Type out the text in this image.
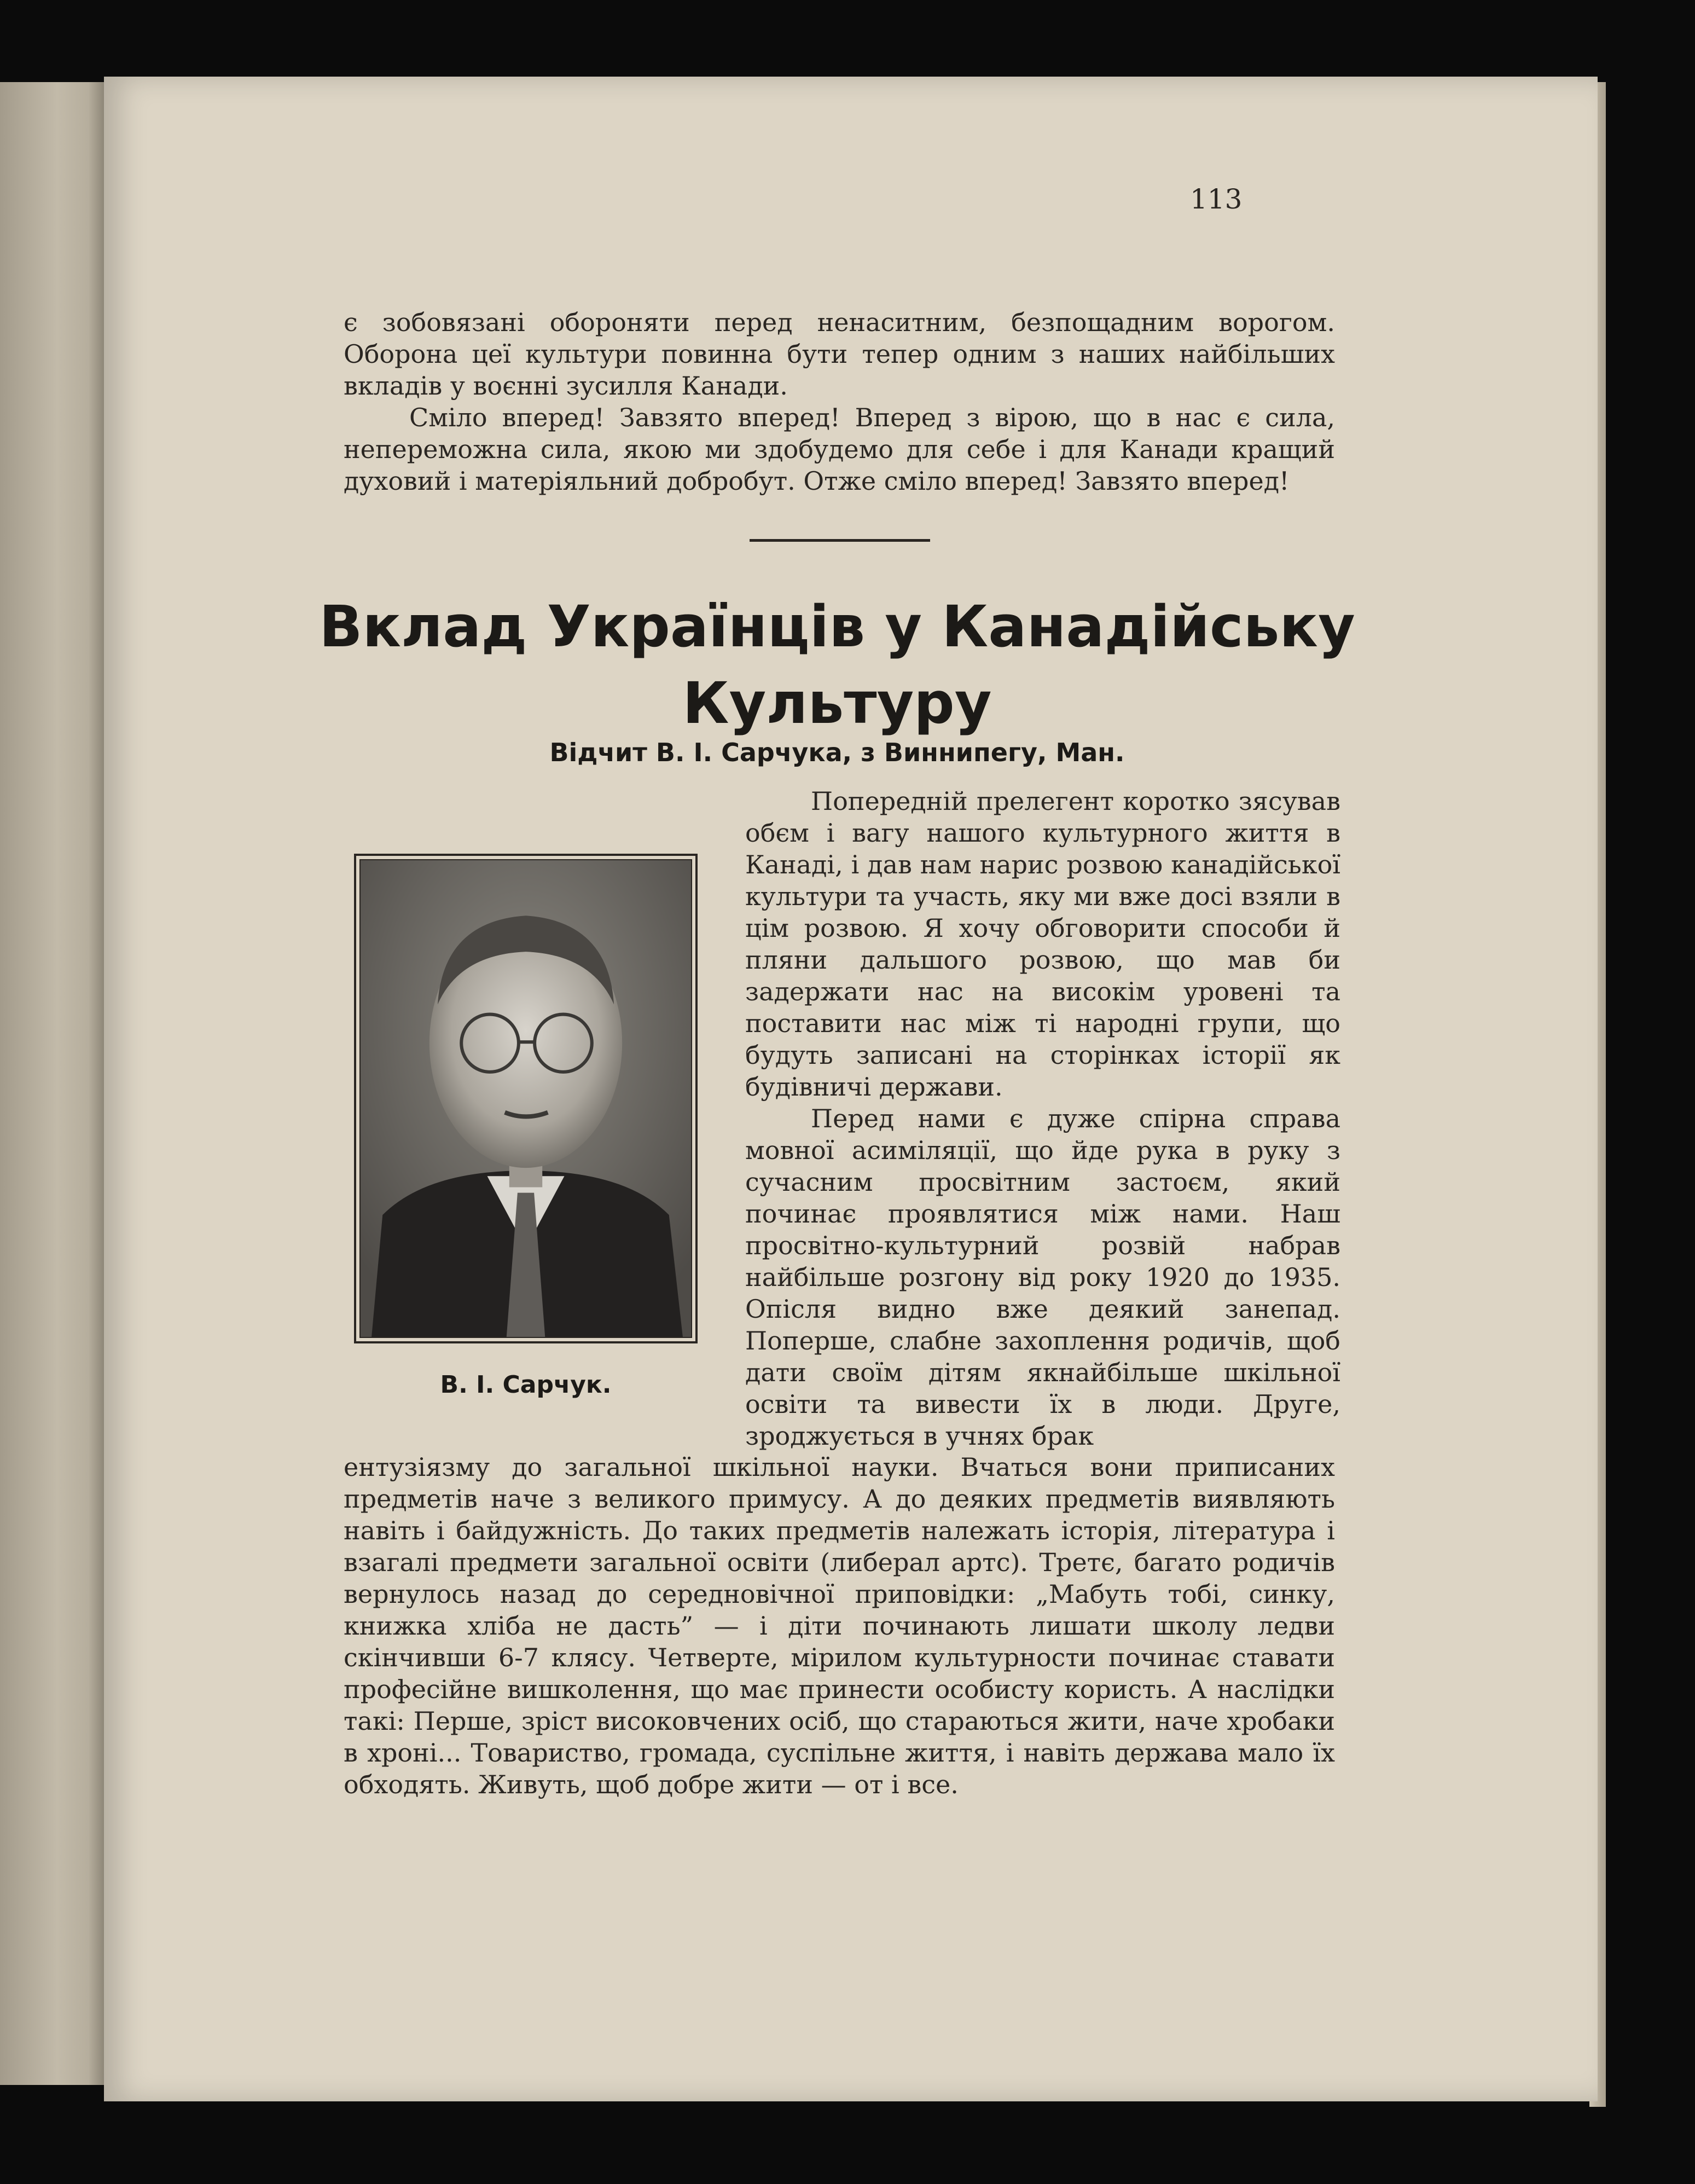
113

є зобовязані обороняти перед ненаситним, безпощадним ворогом. Оборона цеї культури повинна бути тепер одним з наших найбільших вкладів у воєнні зусилля Канади.

Сміло вперед! Завзято вперед! Вперед з вірою, що в нас є сила, непереможна сила, якою ми здобудемо для себе і для Канади кращий духовий і матеріяльний добробут. Отже сміло вперед! Завзято вперед!

Вклад Українців у Канадійську
Культуру
Відчит В. І. Сарчука, з Виннипегу, Ман.
В. І. Сарчук.

Попередній прелегент коротко зясував обєм і вагу нашого культурного життя в Канаді, і дав нам нарис розвою канадійської культури та участь, яку ми вже досі взяли в цім розвою. Я хочу обговорити способи й пляни дальшого розвою, що мав би задержати нас на високім уровені та поставити нас між ті народні групи, що будуть записані на сторінках історії як будівничі держави.

Перед нами є дуже спірна справа мовної асиміляції, що йде рука в руку з сучасним просвітним застоєм, який починає проявлятися між нами. Наш просвітно-культурний розвій набрав найбільше розгону від року 1920 до 1935. Опісля видно вже деякий занепад. Поперше, слабне захоплення родичів, щоб дати своїм дітям якнайбільше шкільної освіти та вивести їх в люди. Друге, зроджується в учнях брак

ентузіязму до загальної шкільної науки. Вчаться вони приписаних предметів наче з великого примусу. А до деяких предметів виявляють навіть і байдужність. До таких предметів належать історія, література і взагалі предмети загальної освіти (либерал артс). Третє, багато родичів вернулось назад до середновічної приповідки: „Мабуть тобі, синку, книжка хліба не дасть” — і діти починають лишати школу ледви скінчивши 6-7 клясу. Четверте, мірилом культурности починає ставати професійне вишколення, що має принести особисту користь. А наслідки такі: Перше, зріст високовчених осіб, що стараються жити, наче хробаки в хроні... Товариство, громада, суспільне життя, і навіть держава мало їх обходять. Живуть, щоб добре жити — от і все.
